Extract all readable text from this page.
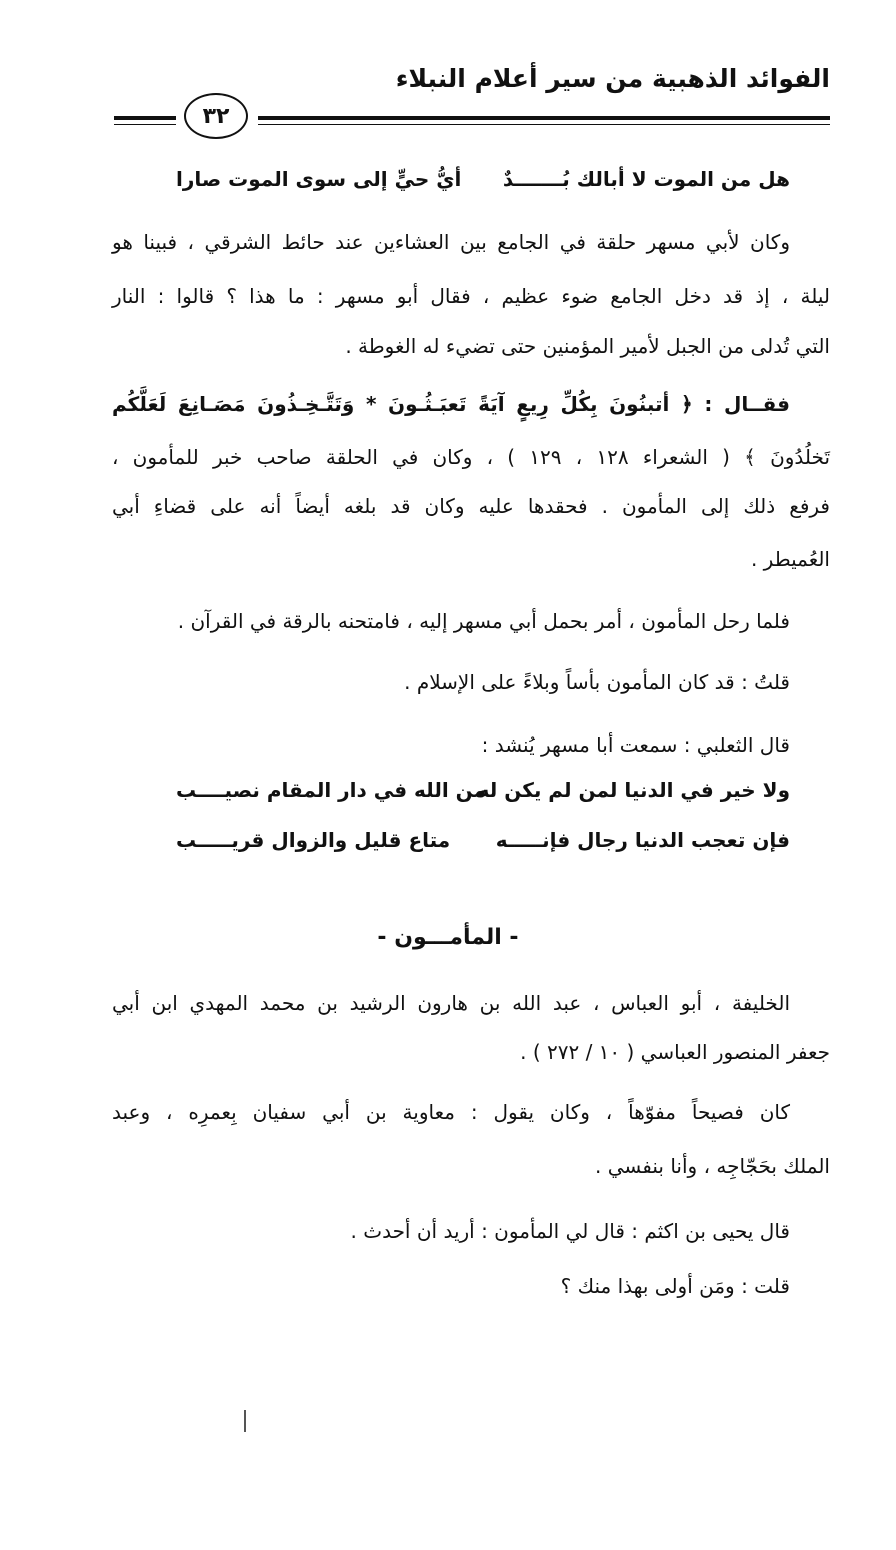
الفوائد الذهبية من سير أعلام النبلاء
٣٢
هل من الموت لا أبالك بُـــــــدٌ
أيُّ حيٍّ إلى سوى الموت صارا
وكان لأبي مسهر حلقة في الجامع بين العشاءين عند حائط الشرقي ، فبينا هو
ليلة ، إذ قد دخل الجامع ضوء عظيم ، فقال أبو مسهر : ما هذا ؟ قالوا : النار
التي تُدلى من الجبل لأمير المؤمنين حتى تضيء له الغوطة .
فقــال : ﴿ أتبنُونَ بِكُلِّ رِيعٍ آيَةً تَعبَـثُـونَ * وَتَتَّـخِـذُونَ مَصَـانِعَ لَعَلَّكُم
تَخلُدُونَ ﴾ ( الشعراء ١٢٨ ، ١٢٩ ) ، وكان في الحلقة صاحب خبر للمأمون ،
فرفع ذلك إلى المأمون . فحقدها عليه وكان قد بلغه أيضاً أنه على قضاءِ أبي
العُميطر .
فلما رحل المأمون ، أمر بحمل أبي مسهر إليه ، فامتحنه بالرقة في القرآن .
قلتُ : قد كان المأمون بأساً وبلاءً على الإسلام .
قال الثعلبي : سمعت أبا مسهر يُنشد :
ولا خير في الدنيا لمن لم يكن له
من الله في دار المقام نصيــــب
فإن تعجب الدنيا رجال فإنـــــه
متاع قليل والزوال قريـــــب
- المأمـــون -
الخليفة ، أبو العباس ، عبد الله بن هارون الرشيد بن محمد المهدي ابن أبي
جعفر المنصور العباسي ( ١٠ / ٢٧٢ ) .
كان فصيحاً مفوّهاً ، وكان يقول : معاوية بن أبي سفيان بِعمرِه ، وعبد
الملك بحَجّاجِه ، وأنا بنفسي .
قال يحيى بن اكثم : قال لي المأمون : أريد أن أحدث .
قلت : ومَن أولى بهذا منك ؟
